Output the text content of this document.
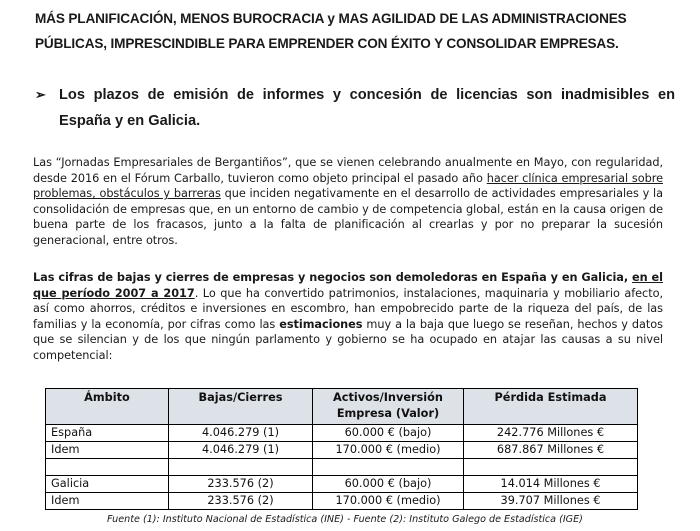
MÁS PLANIFICACIÓN, MENOS BUROCRACIA y MAS AGILIDAD DE LAS ADMINISTRACIONES
PÚBLICAS, IMPRESCINDIBLE PARA EMPRENDER CON ÉXITO Y CONSOLIDAR EMPRESAS.
➢ Los plazos de emisión de informes y concesión de licencias son inadmisibles en España y en Galicia.
Las “Jornadas Empresariales de Bergantiños”, que se vienen celebrando anualmente en Mayo, con regularidad, desde 2016 en el Fórum Carballo, tuvieron como objeto principal el pasado año hacer clínica empresarial sobre problemas, obstáculos y barreras que inciden negativamente en el desarrollo de actividades empresariales y la consolidación de empresas que, en un entorno de cambio y de competencia global, están en la causa origen de buena parte de los fracasos, junto a la falta de planificación al crearlas y por no preparar la sucesión generacional, entre otros.
Las cifras de bajas y cierres de empresas y negocios son demoledoras en España y en Galicia, en el que período 2007 a 2017. Lo que ha convertido patrimonios, instalaciones, maquinaria y mobiliario afecto, así como ahorros, créditos e inversiones en escombro, han empobrecido parte de la riqueza del país, de las familias y la economía, por cifras como las estimaciones muy a la baja que luego se reseñan, hechos y datos que se silencian y de los que ningún parlamento y gobierno se ha ocupado en atajar las causas a su nivel competencial:
Ámbito	Bajas/Cierres	Activos/Inversión Empresa (Valor)	Pérdida Estimada
España	4.046.279 (1)	60.000 € (bajo)	242.776 Millones €
Idem	4.046.279 (1)	170.000 € (medio)	687.867 Millones €

Galicia	233.576 (2)	60.000 € (bajo)	14.014 Millones €
Idem	233.576 (2)	170.000 € (medio)	39.707 Millones €
Fuente (1): Instituto Nacional de Estadística (INE) - Fuente (2): Instituto Galego de Estadística (IGE)
